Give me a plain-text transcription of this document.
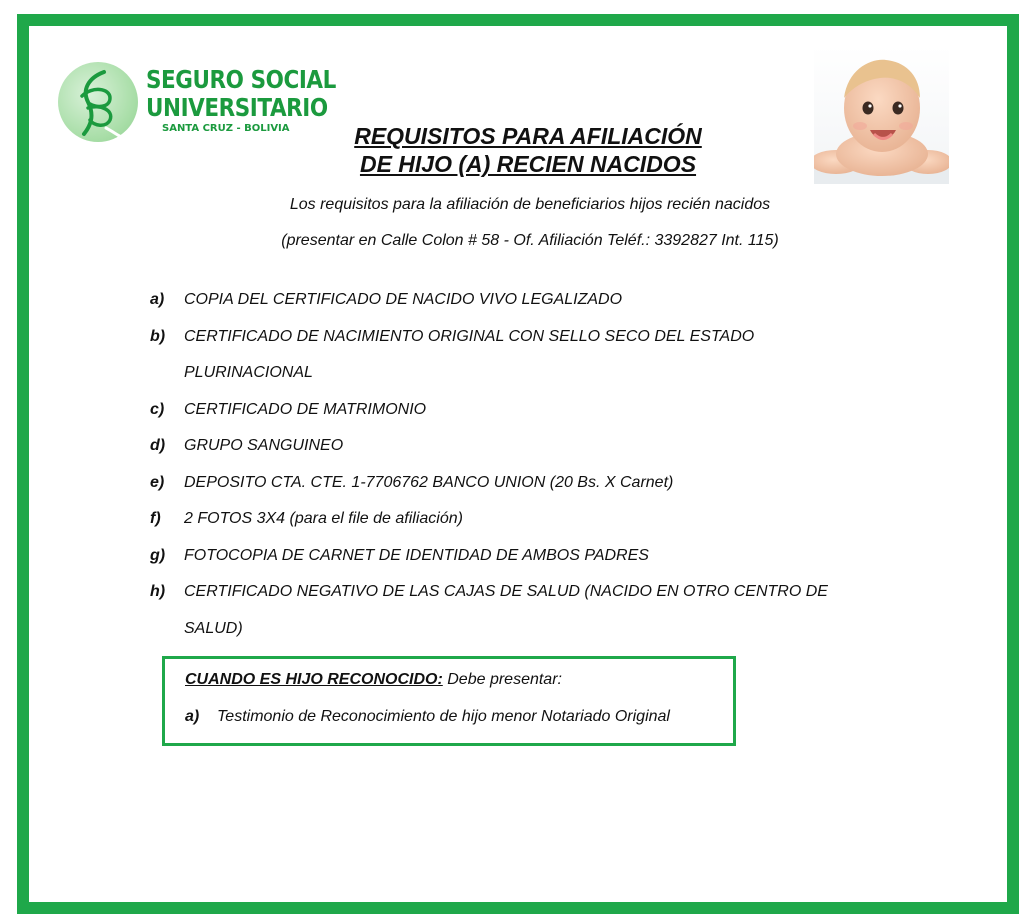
SEGURO SOCIAL
UNIVERSITARIO
SANTA CRUZ - BOLIVIA	REQUISITOS PARA AFILIACIÓN
DE HIJO (A) RECIEN NACIDOS
Los requisitos para la afiliación de beneficiarios hijos recién nacidos
(presentar en Calle Colon # 58 - Of. Afiliación Teléf.: 3392827 Int. 115)
a) COPIA DEL CERTIFICADO DE NACIDO VIVO LEGALIZADO
b) CERTIFICADO DE NACIMIENTO ORIGINAL CON SELLO SECO DEL ESTADO PLURINACIONAL
c) CERTIFICADO DE MATRIMONIO
d) GRUPO SANGUINEO
e) DEPOSITO CTA. CTE. 1-7706762 BANCO UNION (20 Bs. X Carnet)
f) 2 FOTOS 3X4 (para el file de afiliación)
g) FOTOCOPIA DE CARNET DE IDENTIDAD DE AMBOS PADRES
h) CERTIFICADO NEGATIVO DE LAS CAJAS DE SALUD (NACIDO EN OTRO CENTRO DE SALUD)
CUANDO ES HIJO RECONOCIDO: Debe presentar:
a) Testimonio de Reconocimiento de hijo menor Notariado Original
